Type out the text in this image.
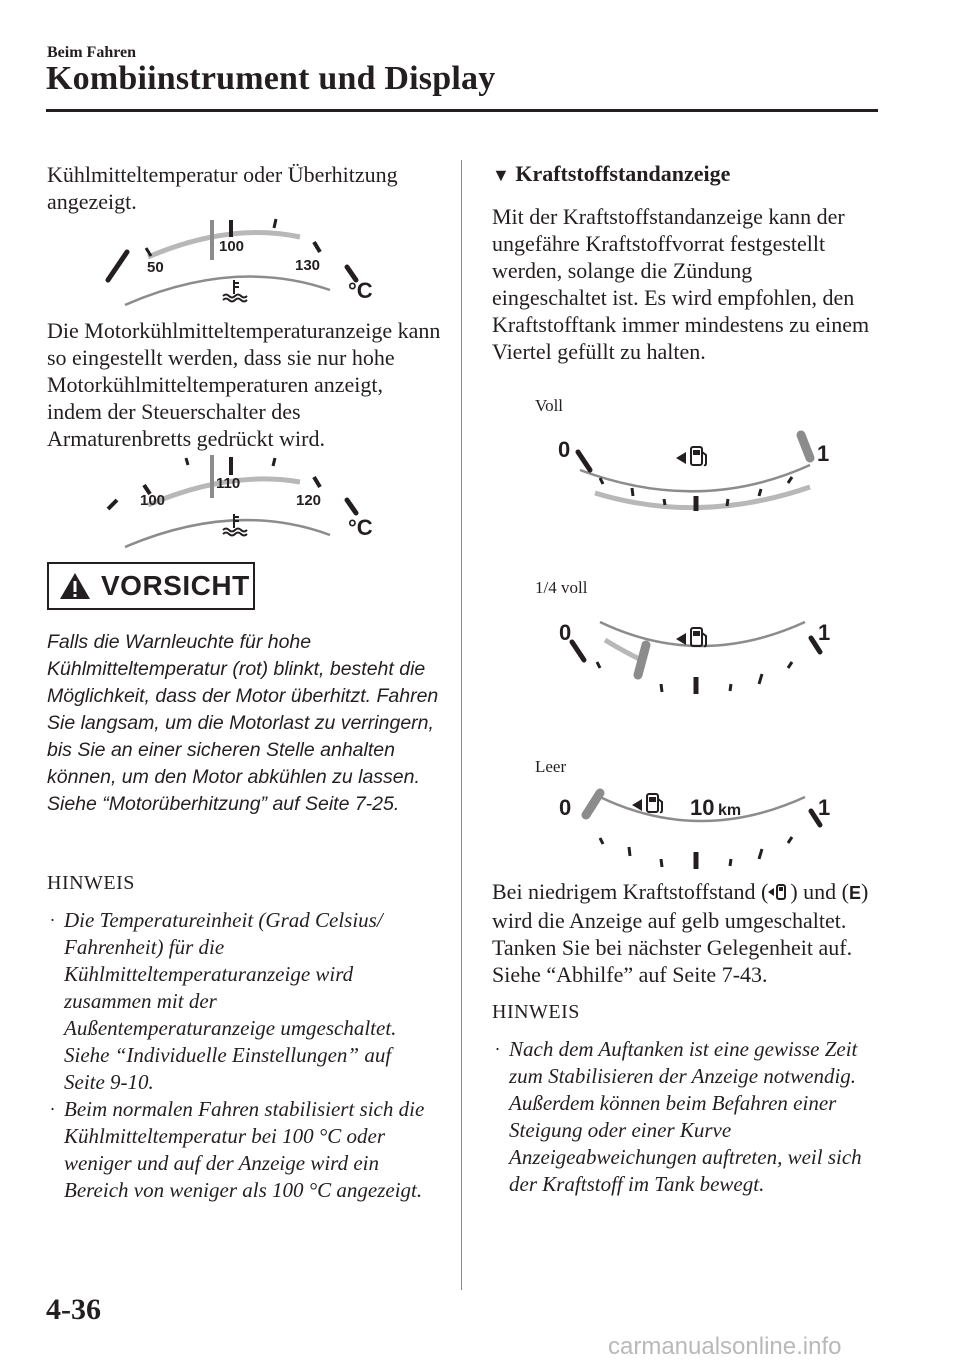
Beim Fahren
Kombiinstrument und Display

Kühlmitteltemperatur oder Überhitzung angezeigt.

50
100
130
°C

Die Motorkühlmitteltemperaturanzeige kann so eingestellt werden, dass sie nur hohe Motorkühlmitteltemperaturen anzeigt, indem der Steuerschalter des Armaturenbretts gedrückt wird.

100
110
120
°C
VORSICHT
Falls die Warnleuchte für hohe Kühlmitteltemperatur (rot) blinkt, besteht die Möglichkeit, dass der Motor überhitzt. Fahren Sie langsam, um die Motorlast zu verringern, bis Sie an einer sicheren Stelle anhalten können, um den Motor abkühlen zu lassen.
Siehe “Motorüberhitzung” auf Seite 7-25.
HINWEIS
· Die Temperatureinheit (Grad Celsius/ Fahrenheit) für die Kühlmitteltemperaturanzeige wird zusammen mit der Außentemperaturanzeige umgeschaltet. Siehe “Individuelle Einstellungen” auf Seite 9-10.
· Beim normalen Fahren stabilisiert sich die Kühlmitteltemperatur bei 100 °C oder weniger und auf der Anzeige wird ein Bereich von weniger als 100 °C angezeigt.
▼ Kraftstoffstandanzeige

Mit der Kraftstoffstandanzeige kann der ungefähre Kraftstoffvorrat festgestellt werden, solange die Zündung eingeschaltet ist. Es wird empfohlen, den Kraftstofftank immer mindestens zu einem Viertel gefüllt zu halten.

Voll
1/4 voll
Leer
0	1
0	1
0	1
10 km

Bei niedrigem Kraftstoffstand ( ) und (E) wird die Anzeige auf gelb umgeschaltet. Tanken Sie bei nächster Gelegenheit auf. Siehe “Abhilfe” auf Seite 7-43.

HINWEIS
· Nach dem Auftanken ist eine gewisse Zeit zum Stabilisieren der Anzeige notwendig. Außerdem können beim Befahren einer Steigung oder einer Kurve Anzeigeabweichungen auftreten, weil sich der Kraftstoff im Tank bewegt.
4-36
carmanualsonline.info
